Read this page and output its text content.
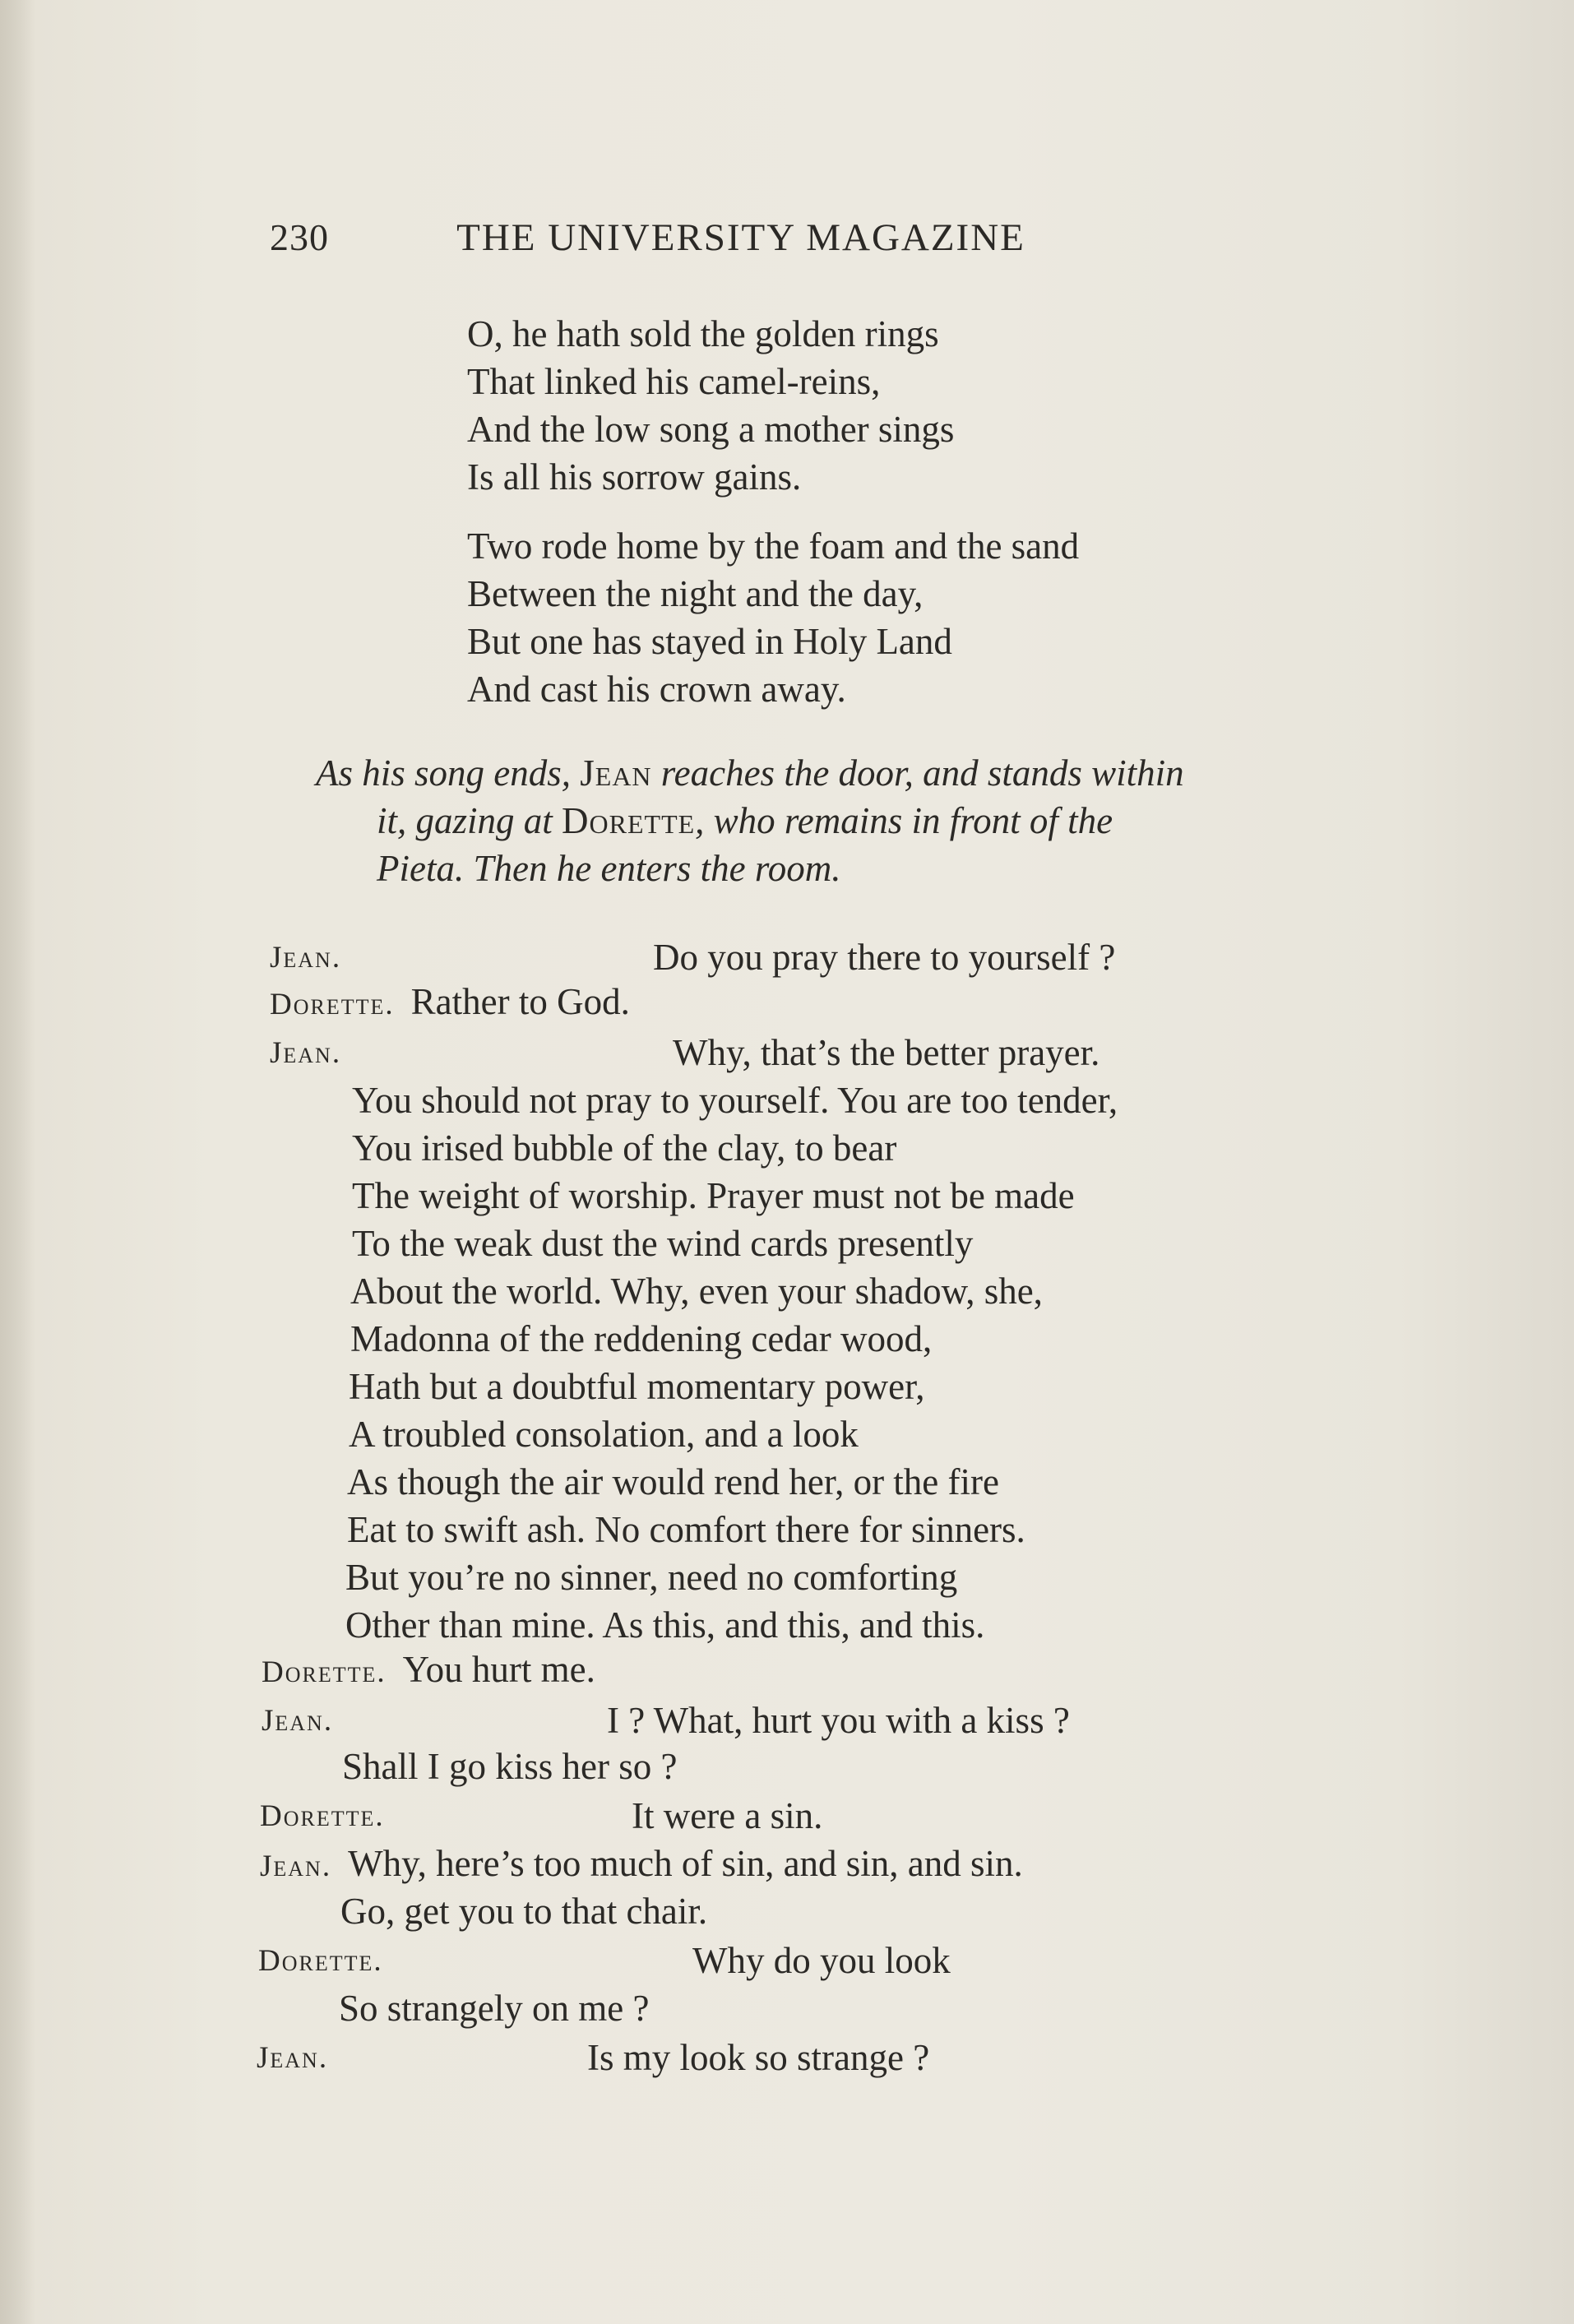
230	THE UNIVERSITY MAGAZINE
O, he hath sold the golden rings
That linked his camel-reins,
And the low song a mother sings
Is all his sorrow gains.
Two rode home by the foam and the sand
Between the night and the day,
But one has stayed in Holy Land
And cast his crown away.
As his song ends, Jean reaches the door, and stands within
it, gazing at Dorette, who remains in front of the
Pieta. Then he enters the room.
Jean.	Do you pray there to yourself ?
Dorette. Rather to God.
Jean.	Why, that’s the better prayer.
You should not pray to yourself. You are too tender,
You irised bubble of the clay, to bear
The weight of worship. Prayer must not be made
To the weak dust the wind cards presently
About the world. Why, even your shadow, she,
Madonna of the reddening cedar wood,
Hath but a doubtful momentary power,
A troubled consolation, and a look
As though the air would rend her, or the fire
Eat to swift ash. No comfort there for sinners.
But you’re no sinner, need no comforting
Other than mine. As this, and this, and this.
Dorette. You hurt me.
Jean.	I ? What, hurt you with a kiss ?
Shall I go kiss her so ?
Dorette.	It were a sin.
Jean. Why, here’s too much of sin, and sin, and sin.
Go, get you to that chair.
Dorette.	Why do you look
So strangely on me ?
Jean.	Is my look so strange ?
